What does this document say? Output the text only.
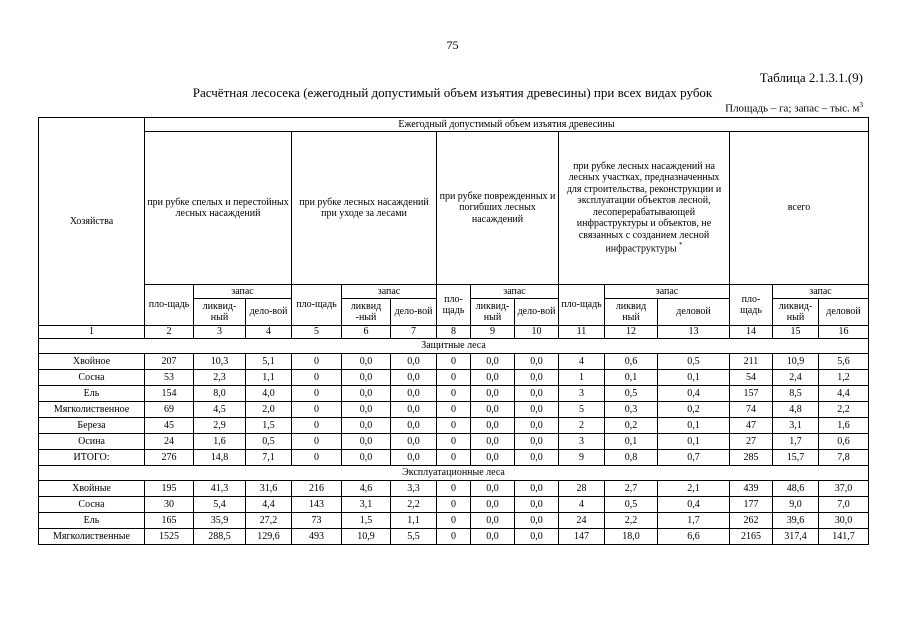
75
Таблица 2.1.3.1.(9)
Расчётная лесосека (ежегодный допустимый объем изъятия древесины) при всех видах рубок
Площадь – га; запас – тыс. $м^3$
Хозяйства	Ежегодный допустимый объем изъятия древесины														
	при рубке спелых и перестойных лесных насаждений			при рубке лесных насаждений при уходе за лесами			при рубке поврежденных и погибших лесных насаждений			при рубке лесных насаждений на лесных участках, предназначенных для строительства, реконструкции и эксплуатации объектов лесной, лесоперерабатывающей инфраструктуры и объектов, не связанных с созданием лесной инфраструктуры *			всего		
	пло-щадь	запас		пло-щадь	запас		пло-щадь	запас		пло-щадь	запас		пло-щадь	запас	
		ликвид-ный	дело-вой		ликвид -ный	дело-вой		ликвид-ный	дело-вой		ликвид ный	деловой		ликвид-ный	деловой
1	2	3	4	5	6	7	8	9	10	11	12	13	14	15	16
Защитные леса															
Хвойное	207	10,3	5,1	0	0,0	0,0	0	0,0	0,0	4	0,6	0,5	211	10,9	5,6
Сосна	53	2,3	1,1	0	0,0	0,0	0	0,0	0,0	1	0,1	0,1	54	2,4	1,2
Ель	154	8,0	4,0	0	0,0	0,0	0	0,0	0,0	3	0,5	0,4	157	8,5	4,4
Мягколиственное	69	4,5	2,0	0	0,0	0,0	0	0,0	0,0	5	0,3	0,2	74	4,8	2,2
Береза	45	2,9	1,5	0	0,0	0,0	0	0,0	0,0	2	0,2	0,1	47	3,1	1,6
Осина	24	1,6	0,5	0	0,0	0,0	0	0,0	0,0	3	0,1	0,1	27	1,7	0,6
ИТОГО:	276	14,8	7,1	0	0,0	0,0	0	0,0	0,0	9	0,8	0,7	285	15,7	7,8
Эксплуатационные леса															
Хвойные	195	41,3	31,6	216	4,6	3,3	0	0,0	0,0	28	2,7	2,1	439	48,6	37,0
Сосна	30	5,4	4,4	143	3,1	2,2	0	0,0	0,0	4	0,5	0,4	177	9,0	7,0
Ель	165	35,9	27,2	73	1,5	1,1	0	0,0	0,0	24	2,2	1,7	262	39,6	30,0
Мягколиственные	1525	288,5	129,6	493	10,9	5,5	0	0,0	0,0	147	18,0	6,6	2165	317,4	141,7
